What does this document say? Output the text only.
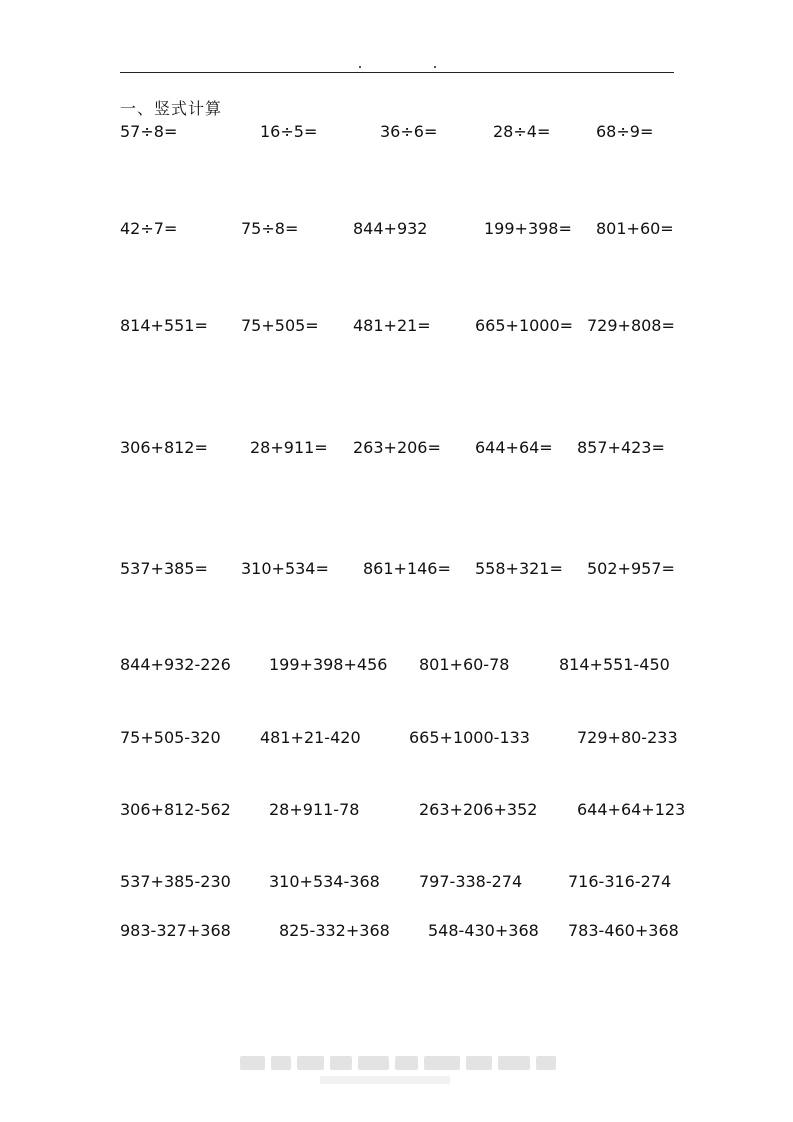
一、竖式计算
57÷8=	16÷5=	36÷6=	28÷4=	68÷9=
42÷7=	75÷8=	844+932	199+398= 801+60=
814+551= 75+505= 481+21=	665+1000= 729+808=
306+812=	28+911= 263+206= 644+64= 857+423=
537+385= 310+534= 861+146= 558+321= 502+957=
844+932-226 199+398+456 801+60-78	814+551-450
75+505-320 481+21-420	665+1000-133	729+80-233
306+812-562 28+911-78	263+206+352 644+64+123
537+385-230 310+534-368 797-338-274	716-316-274
983-327+368	825-332+368 548-430+368 783-460+368
